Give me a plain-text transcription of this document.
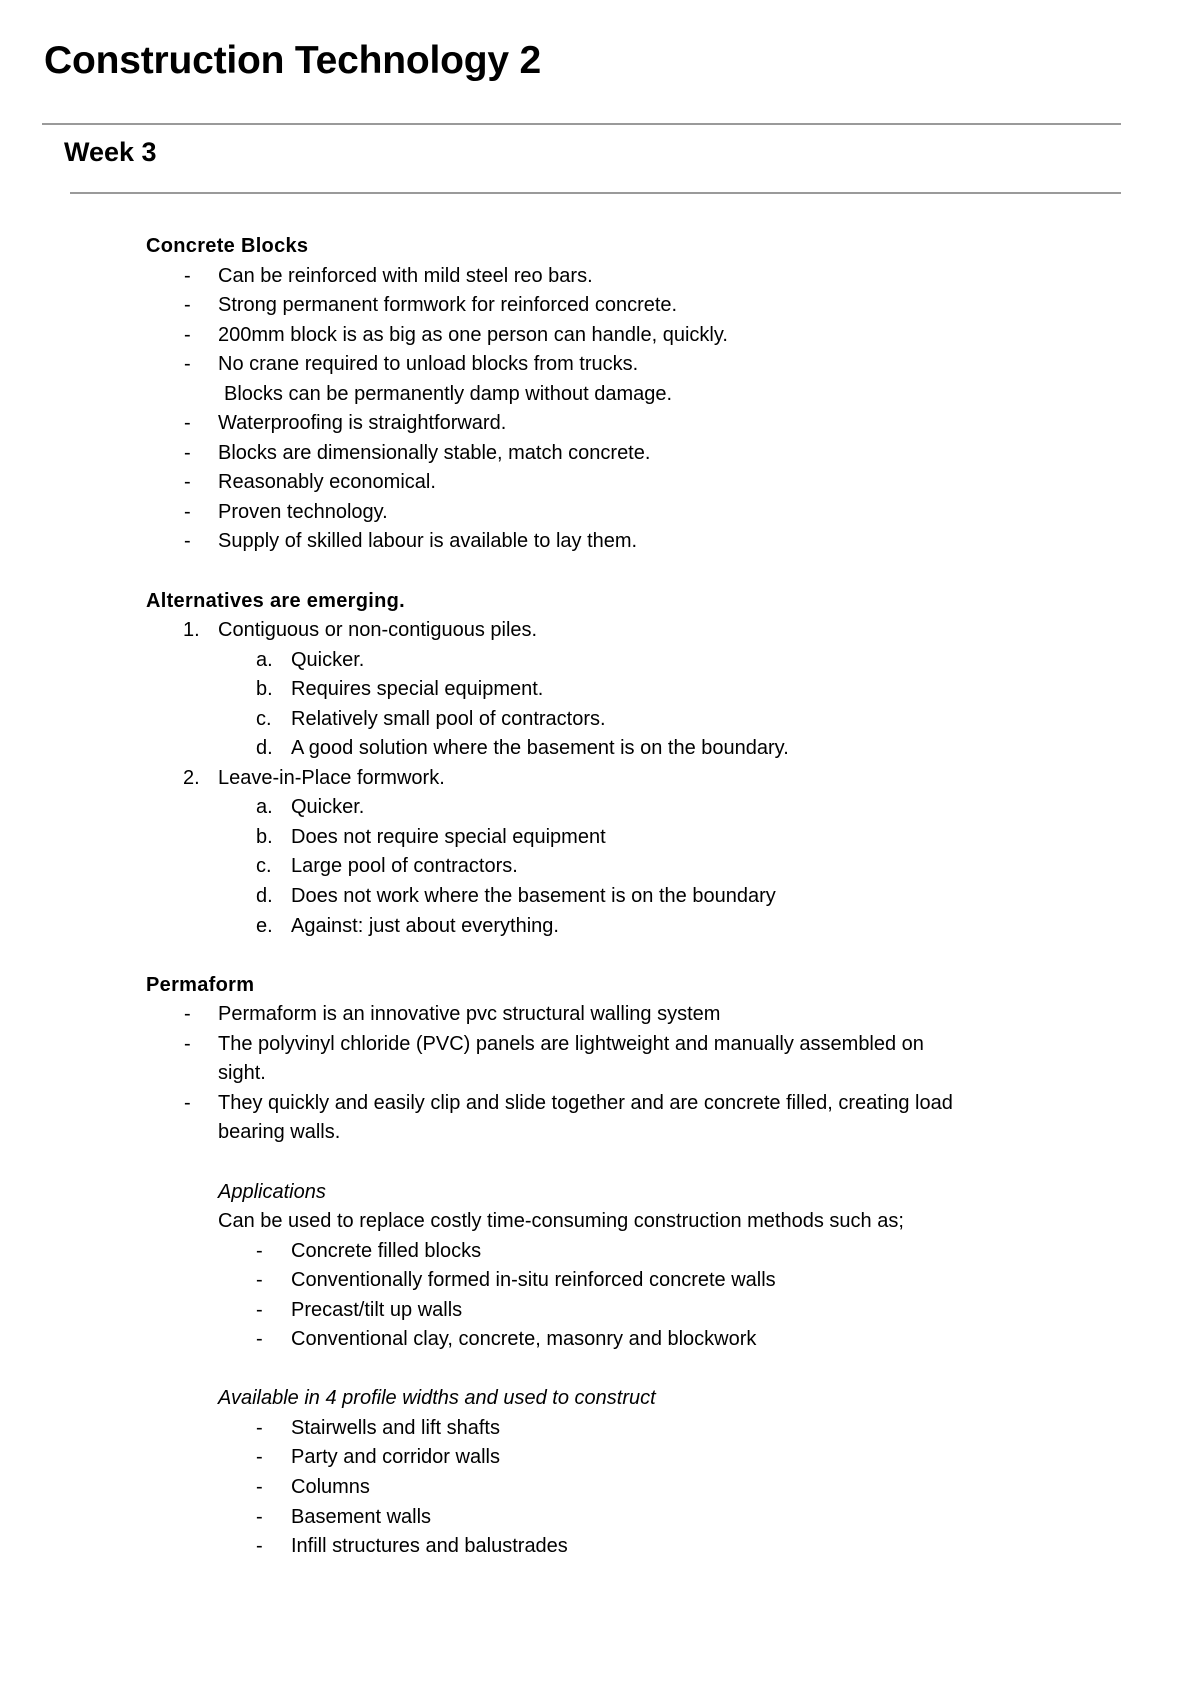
Construction Technology 2
Week 3
Concrete Blocks
- Can be reinforced with mild steel reo bars.
- Strong permanent formwork for reinforced concrete.
- 200mm block is as big as one person can handle, quickly.
- No crane required to unload blocks from trucks.
Blocks can be permanently damp without damage.
- Waterproofing is straightforward.
- Blocks are dimensionally stable, match concrete.
- Reasonably economical.
- Proven technology.
- Supply of skilled labour is available to lay them.
Alternatives are emerging.
1. Contiguous or non-contiguous piles.
a. Quicker.
b. Requires special equipment.
c. Relatively small pool of contractors.
d. A good solution where the basement is on the boundary.
2. Leave-in-Place formwork.
a. Quicker.
b. Does not require special equipment
c. Large pool of contractors.
d. Does not work where the basement is on the boundary
e. Against: just about everything.
Permaform
- Permaform is an innovative pvc structural walling system
- The polyvinyl chloride (PVC) panels are lightweight and manually assembled on
sight.
- They quickly and easily clip and slide together and are concrete filled, creating load
bearing walls.
Applications
Can be used to replace costly time-consuming construction methods such as;
- Concrete filled blocks
- Conventionally formed in-situ reinforced concrete walls
- Precast/tilt up walls
- Conventional clay, concrete, masonry and blockwork
Available in 4 profile widths and used to construct
- Stairwells and lift shafts
- Party and corridor walls
- Columns
- Basement walls
- Infill structures and balustrades
